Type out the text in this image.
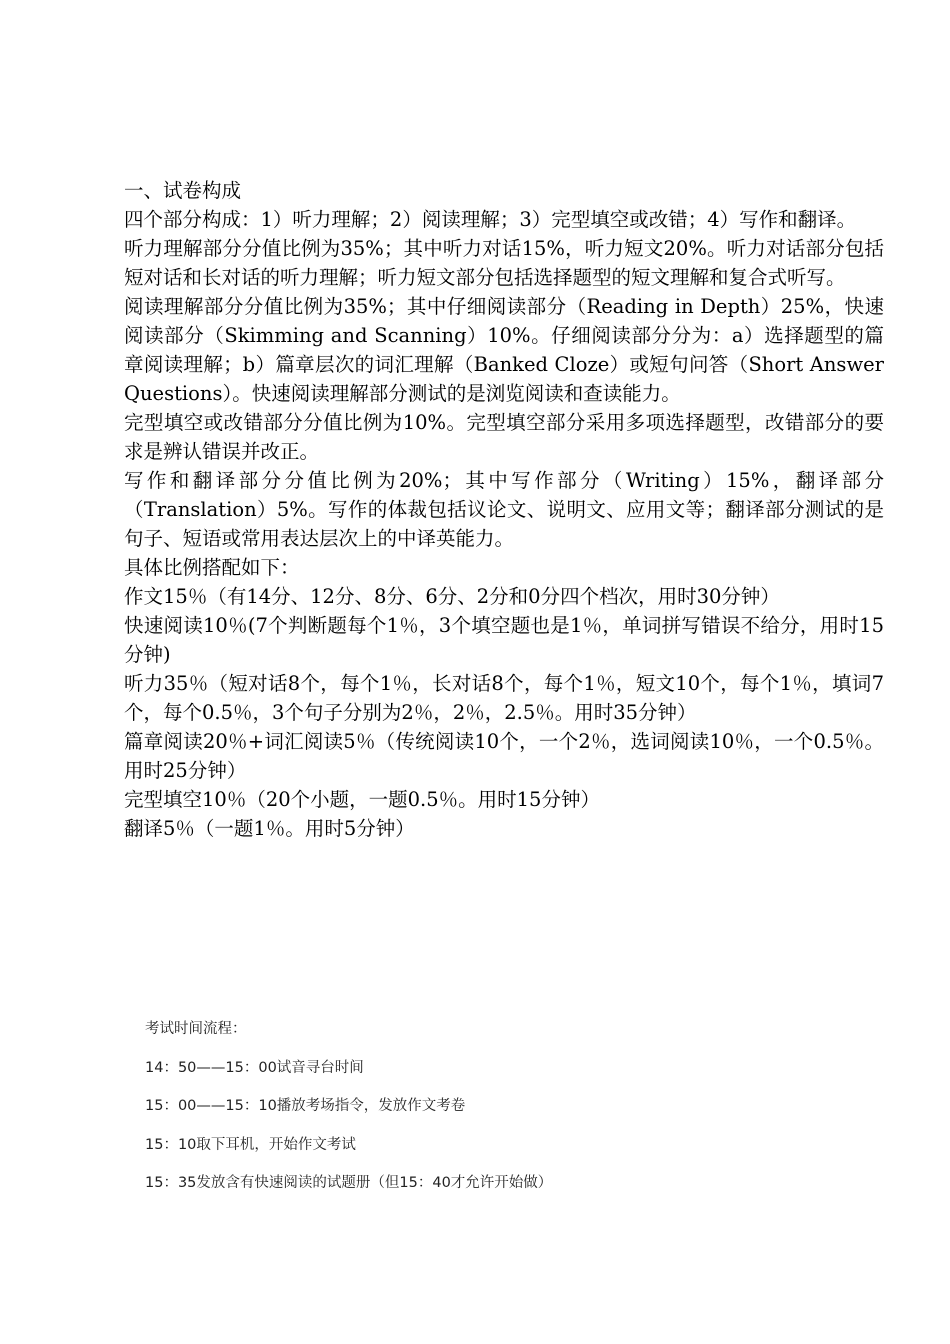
一、试卷构成

四个部分构成：1）听力理解；2）阅读理解；3）完型填空或改错；4）写作和翻译。

听力理解部分分值比例为35%；其中听力对话15%，听力短文20%。听力对话部分包括短对话和长对话的听力理解；听力短文部分包括选择题型的短文理解和复合式听写。

阅读理解部分分值比例为35%；其中仔细阅读部分（Reading in Depth）25%，快速阅读部分（Skimming and Scanning）10%。仔细阅读部分分为：a）选择题型的篇章阅读理解；b）篇章层次的词汇理解（Banked Cloze）或短句问答（Short Answer Questions）。快速阅读理解部分测试的是浏览阅读和查读能力。

完型填空或改错部分分值比例为10%。完型填空部分采用多项选择题型，改错部分的要求是辨认错误并改正。

写作和翻译部分分值比例为20%；其中写作部分（Writing）15%，翻译部分（Translation）5%。写作的体裁包括议论文、说明文、应用文等；翻译部分测试的是句子、短语或常用表达层次上的中译英能力。

具体比例搭配如下：

作文15％（有14分、12分、8分、6分、2分和0分四个档次，用时30分钟）

快速阅读10％(7个判断题每个1％，3个填空题也是1％，单词拼写错误不给分，用时15分钟)

听力35％（短对话8个，每个1％，长对话8个，每个1％，短文10个，每个1％，填词7个，每个0.5％，3个句子分别为2％，2％，2.5％。用时35分钟）

篇章阅读20％+词汇阅读5％（传统阅读10个，一个2％，选词阅读10％，一个0.5％。用时25分钟）

完型填空10％（20个小题，一题0.5％。用时15分钟）

翻译5％（一题1％。用时5分钟）

考试时间流程：
14：50——15：00试音寻台时间
15：00——15：10播放考场指令，发放作文考卷
15：10取下耳机，开始作文考试
15：35发放含有快速阅读的试题册（但15：40才允许开始做）
